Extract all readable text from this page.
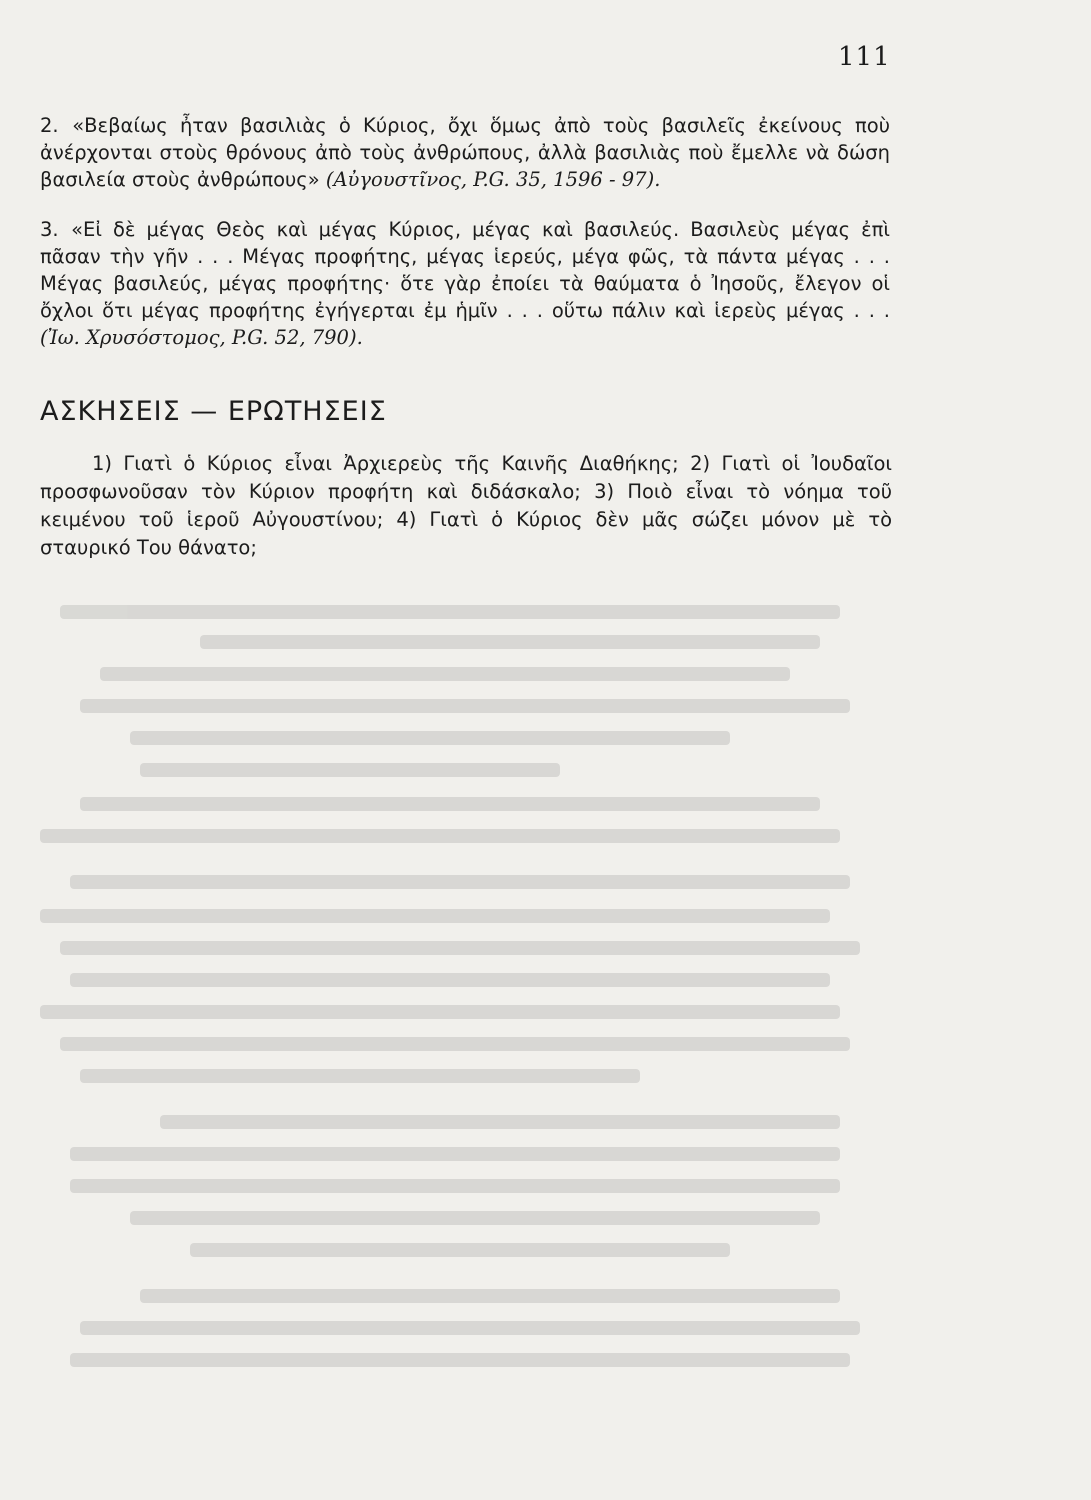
111

2. «Βεβαίως ἦταν βασιλιὰς ὁ Κύριος, ὄχι ὅμως ἀπὸ τοὺς βασιλεῖς ἐκείνους ποὺ ἀνέρχονται στοὺς θρόνους ἀπὸ τοὺς ἀνθρώπους, ἀλλὰ βασιλιὰς ποὺ ἔμελλε νὰ δώση βασιλεία στοὺς ἀνθρώπους» (Αὐγουστῖνος, P.G. 35, 1596 - 97).

3. «Εἰ δὲ μέγας Θεὸς καὶ μέγας Κύριος, μέγας καὶ βασιλεύς. Βασιλεὺς μέγας ἐπὶ πᾶσαν τὴν γῆν . . . Μέγας προφήτης, μέγας ἱερεύς, μέγα φῶς, τὰ πάντα μέγας . . . Μέγας βασιλεύς, μέγας προφήτης· ὅτε γὰρ ἐποίει τὰ θαύματα ὁ Ἰησοῦς, ἔλεγον οἱ ὄχλοι ὅτι μέγας προφήτης ἐγήγερται ἐμ ἡμῖν . . . οὕτω πάλιν καὶ ἱερεὺς μέγας . . . (Ἰω. Χρυσόστομος, P.G. 52, 790).

ΑΣΚΗΣΕΙΣ — ΕΡΩΤΗΣΕΙΣ

1) Γιατὶ ὁ Κύριος εἶναι Ἀρχιερεὺς τῆς Καινῆς Διαθήκης; 2) Γιατὶ οἱ Ἰουδαῖοι προσφωνοῦσαν τὸν Κύριον προφήτη καὶ διδάσκαλο; 3) Ποιὸ εἶναι τὸ νόημα τοῦ κειμένου τοῦ ἱεροῦ Αὐγουστίνου; 4) Γιατὶ ὁ Κύριος δὲν μᾶς σώζει μόνον μὲ τὸ σταυρικό Του θάνατο;
